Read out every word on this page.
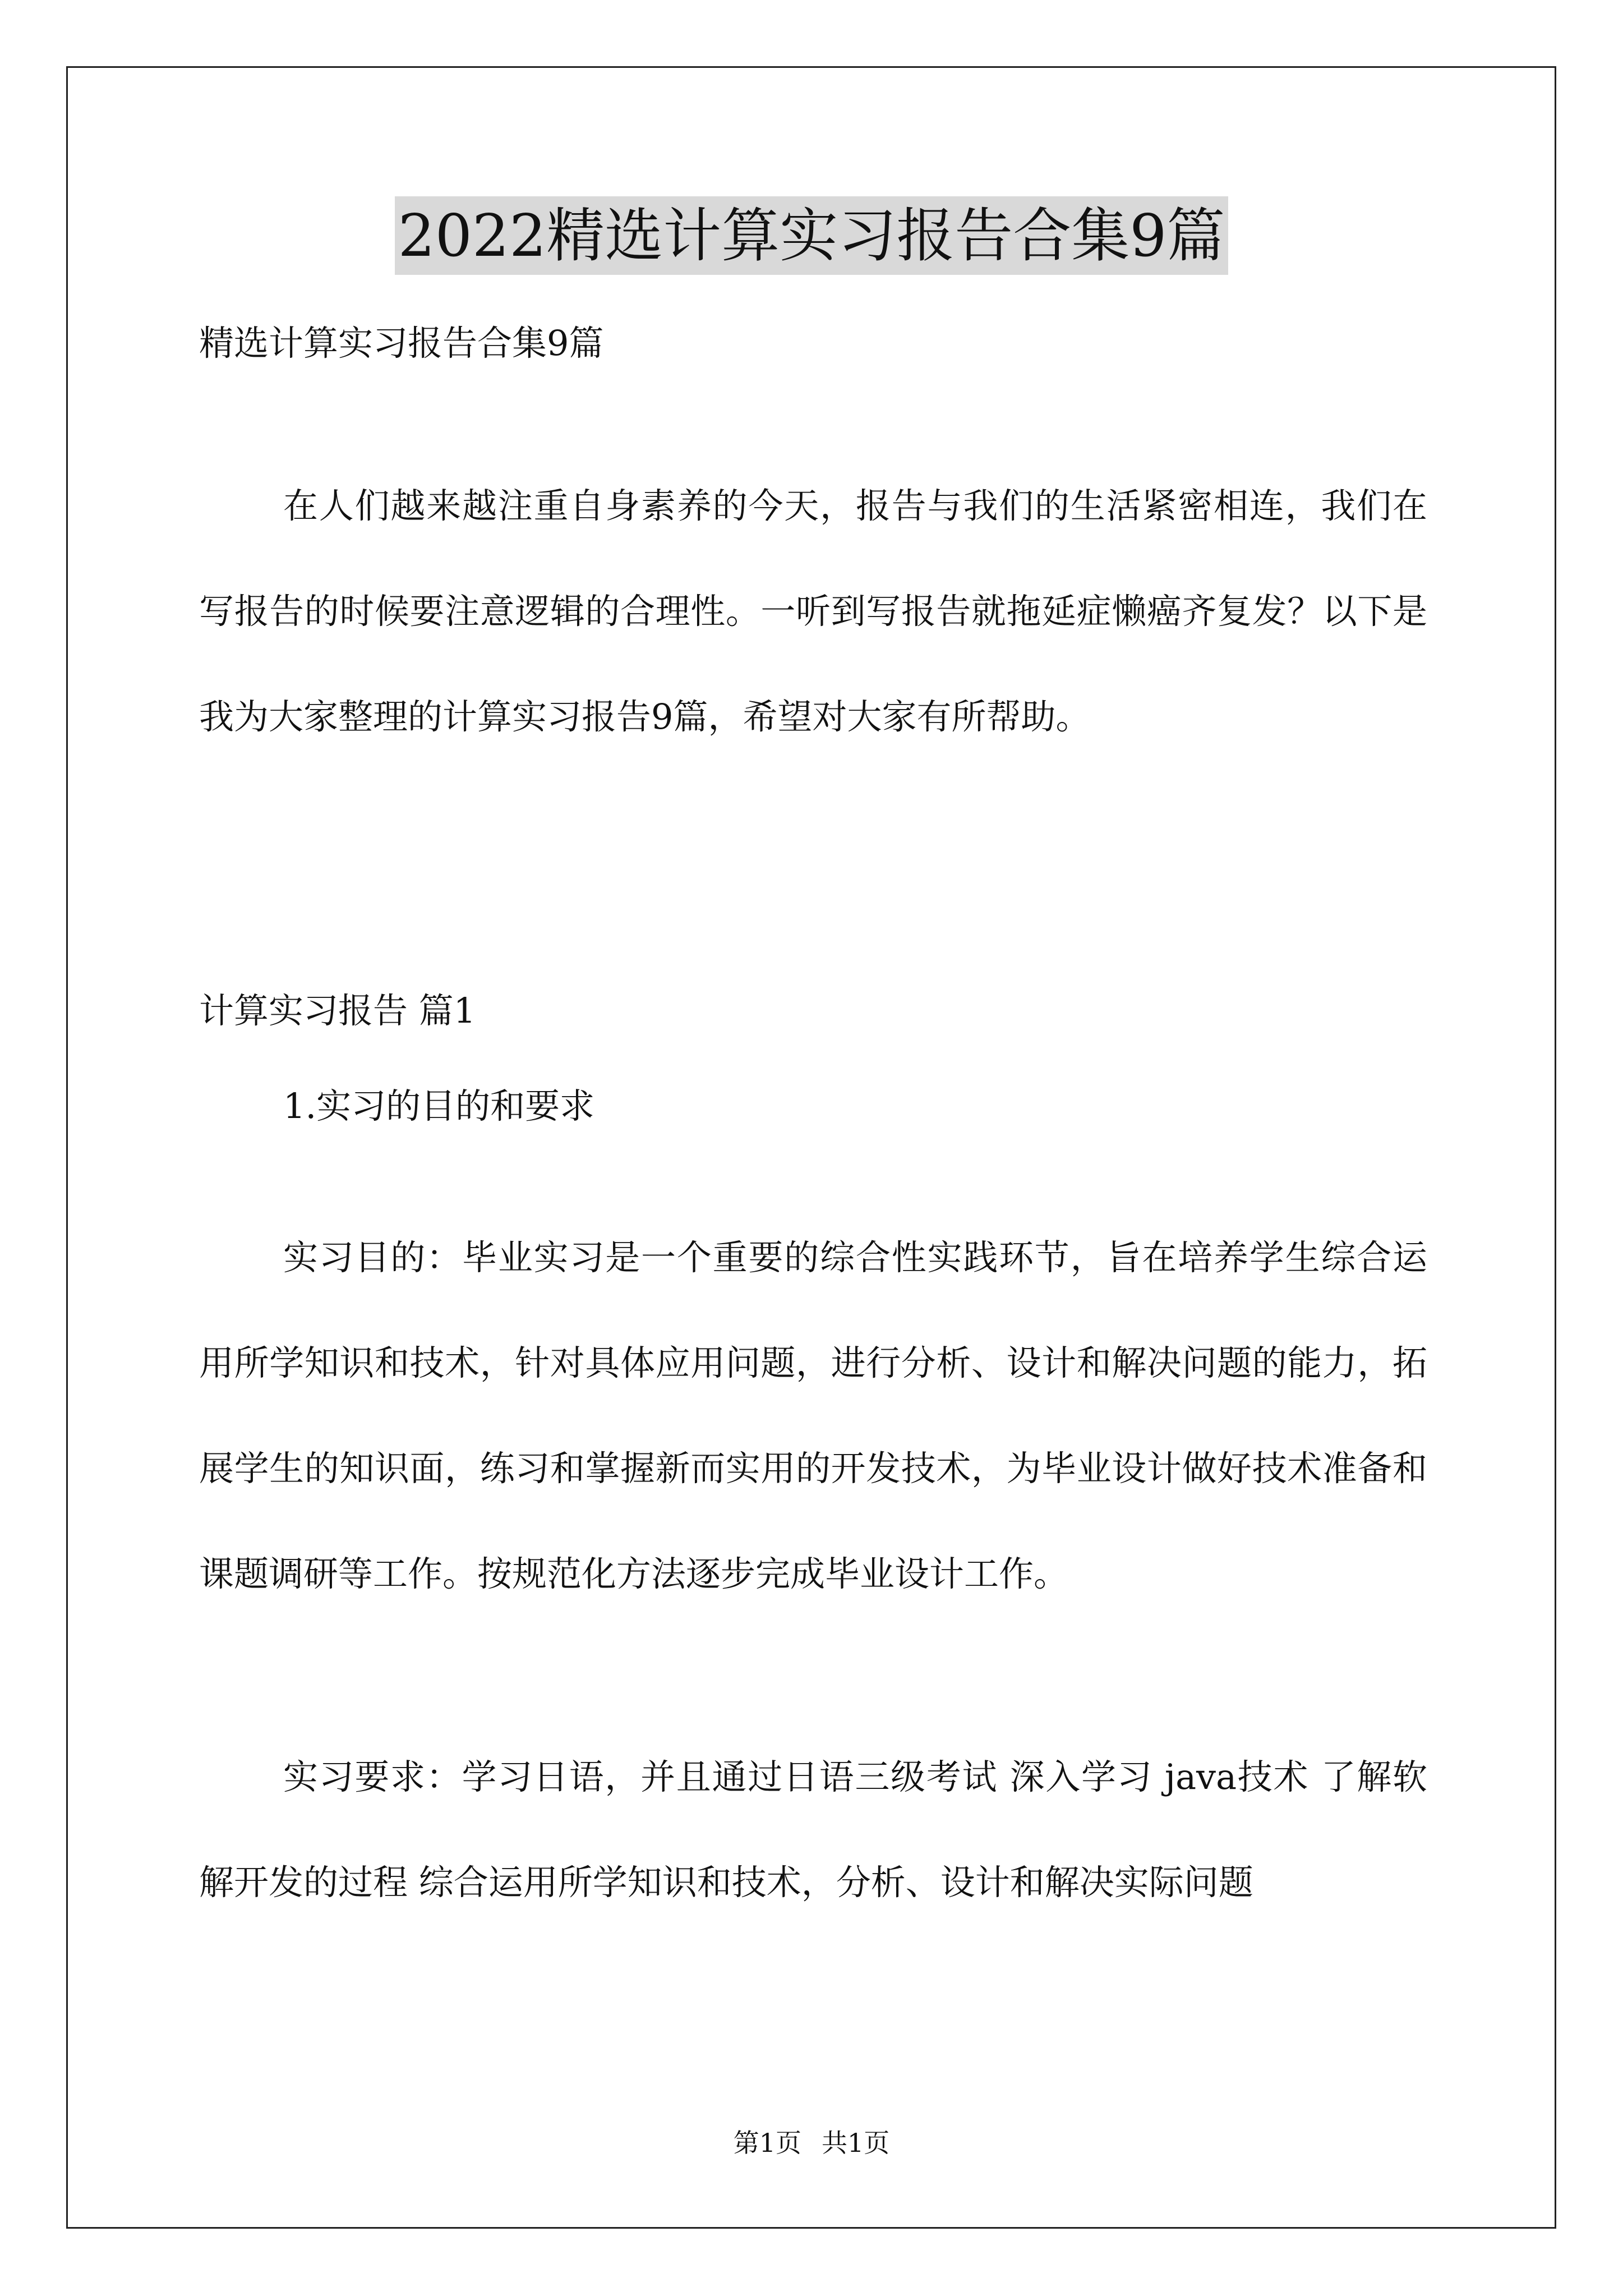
2022精选计算实习报告合集9篇

精选计算实习报告合集9篇

在人们越来越注重自身素养的今天，报告与我们的生活紧密相连，我们在写报告的时候要注意逻辑的合理性。一听到写报告就拖延症懒癌齐复发？以下是我为大家整理的计算实习报告9篇，希望对大家有所帮助。

计算实习报告 篇1

1.实习的目的和要求

实习目的：毕业实习是一个重要的综合性实践环节，旨在培养学生综合运用所学知识和技术，针对具体应用问题，进行分析、设计和解决问题的能力，拓展学生的知识面，练习和掌握新而实用的开发技术，为毕业设计做好技术准备和课题调研等工作。按规范化方法逐步完成毕业设计工作。

实习要求：学习日语，并且通过日语三级考试 深入学习 java技术 了解软解开发的过程 综合运用所学知识和技术，分析、设计和解决实际问题

第1页 共1页
